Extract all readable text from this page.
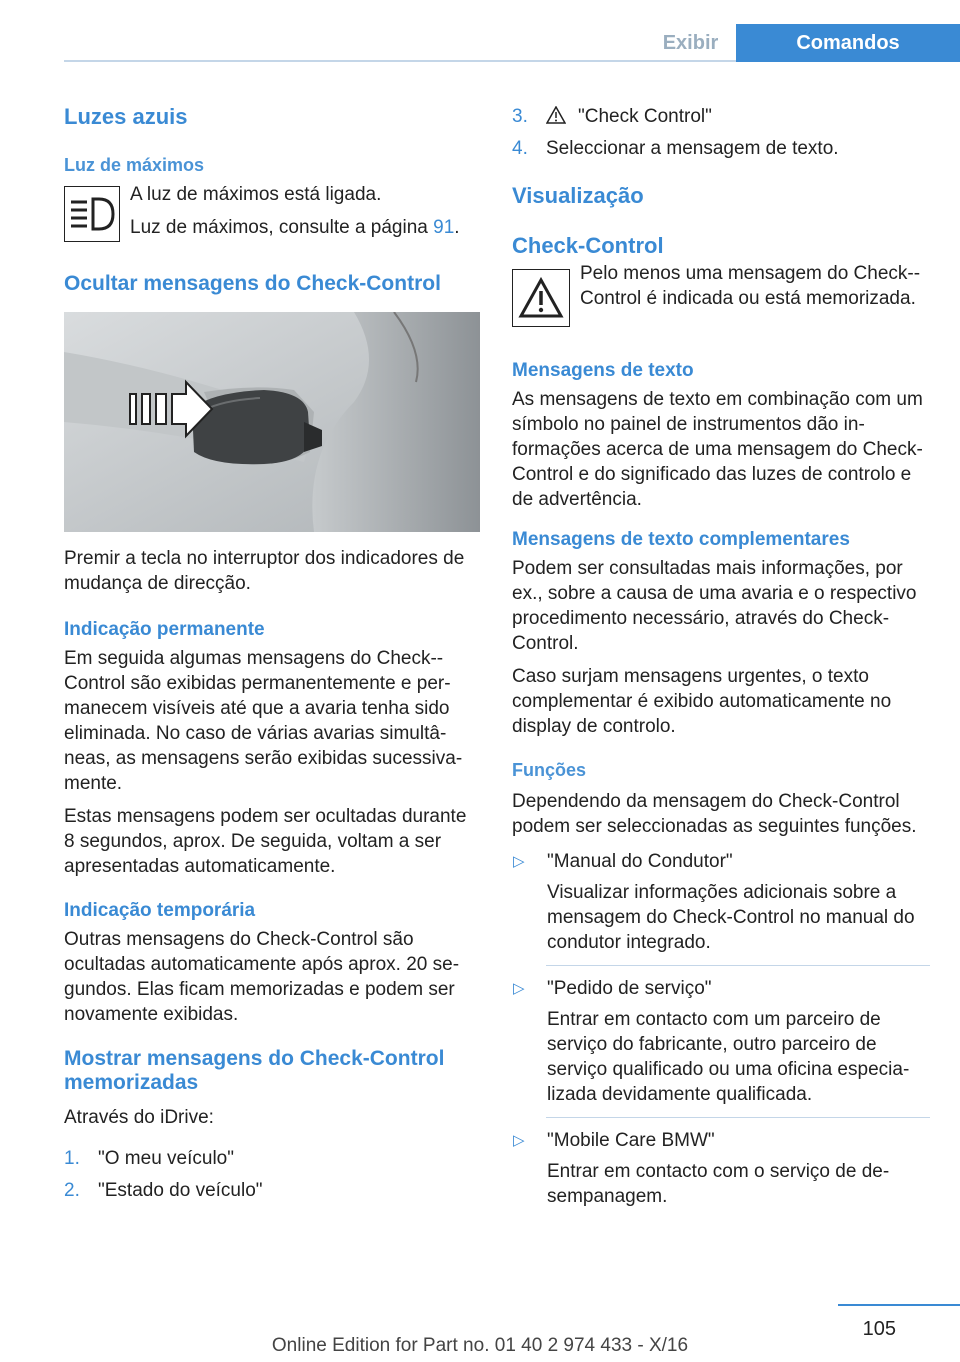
Exibir	Comandos
Luzes azuis
Luz de máximos

A luz de máximos está ligada.

Luz de máximos, consulte a página 91.

Ocultar mensagens do Check-Control

Premir a tecla no interruptor dos indicadores de mudança de direcção.

Indicação permanente

Em seguida algumas mensagens do Check--Control são exibidas permanentemente e permanecem visíveis até que a avaria tenha sido eliminada. No caso de várias avarias simultâneas, as mensagens serão exibidas sucessivamente.

Estas mensagens podem ser ocultadas durante 8 segundos, aprox. De seguida, voltam a ser apresentadas automaticamente.

Indicação temporária

Outras mensagens do Check-Control são ocultadas automaticamente após aprox. 20 segundos. Elas ficam memorizadas e podem ser novamente exibidas.

Mostrar mensagens do Check-Control memorizadas

Através do iDrive:

1. "O meu veículo"
2. "Estado do veículo"
3.	"Check Control"
4. Seleccionar a mensagem de texto.
Visualização
Check-Control

Pelo menos uma mensagem do Check--Control é indicada ou está memorizada.

Mensagens de texto

As mensagens de texto em combinação com um símbolo no painel de instrumentos dão informações acerca de uma mensagem do Check-Control e do significado das luzes de controlo e de advertência.

Mensagens de texto complementares

Podem ser consultadas mais informações, por ex., sobre a causa de uma avaria e o respectivo procedimento necessário, através do Check-Control.

Caso surjam mensagens urgentes, o texto complementar é exibido automaticamente no display de controlo.

Funções

Dependendo da mensagem do Check-Control podem ser seleccionadas as seguintes funções.

▷	"Manual do Condutor"

Visualizar informações adicionais sobre a mensagem do Check-Control no manual do condutor integrado.

▷	"Pedido de serviço"

Entrar em contacto com um parceiro de serviço do fabricante, outro parceiro de serviço qualificado ou uma oficina especializada devidamente qualificada.

▷	"Mobile Care BMW"

Entrar em contacto com o serviço de desempanagem.

105
Online Edition for Part no. 01 40 2 974 433 - X/16
